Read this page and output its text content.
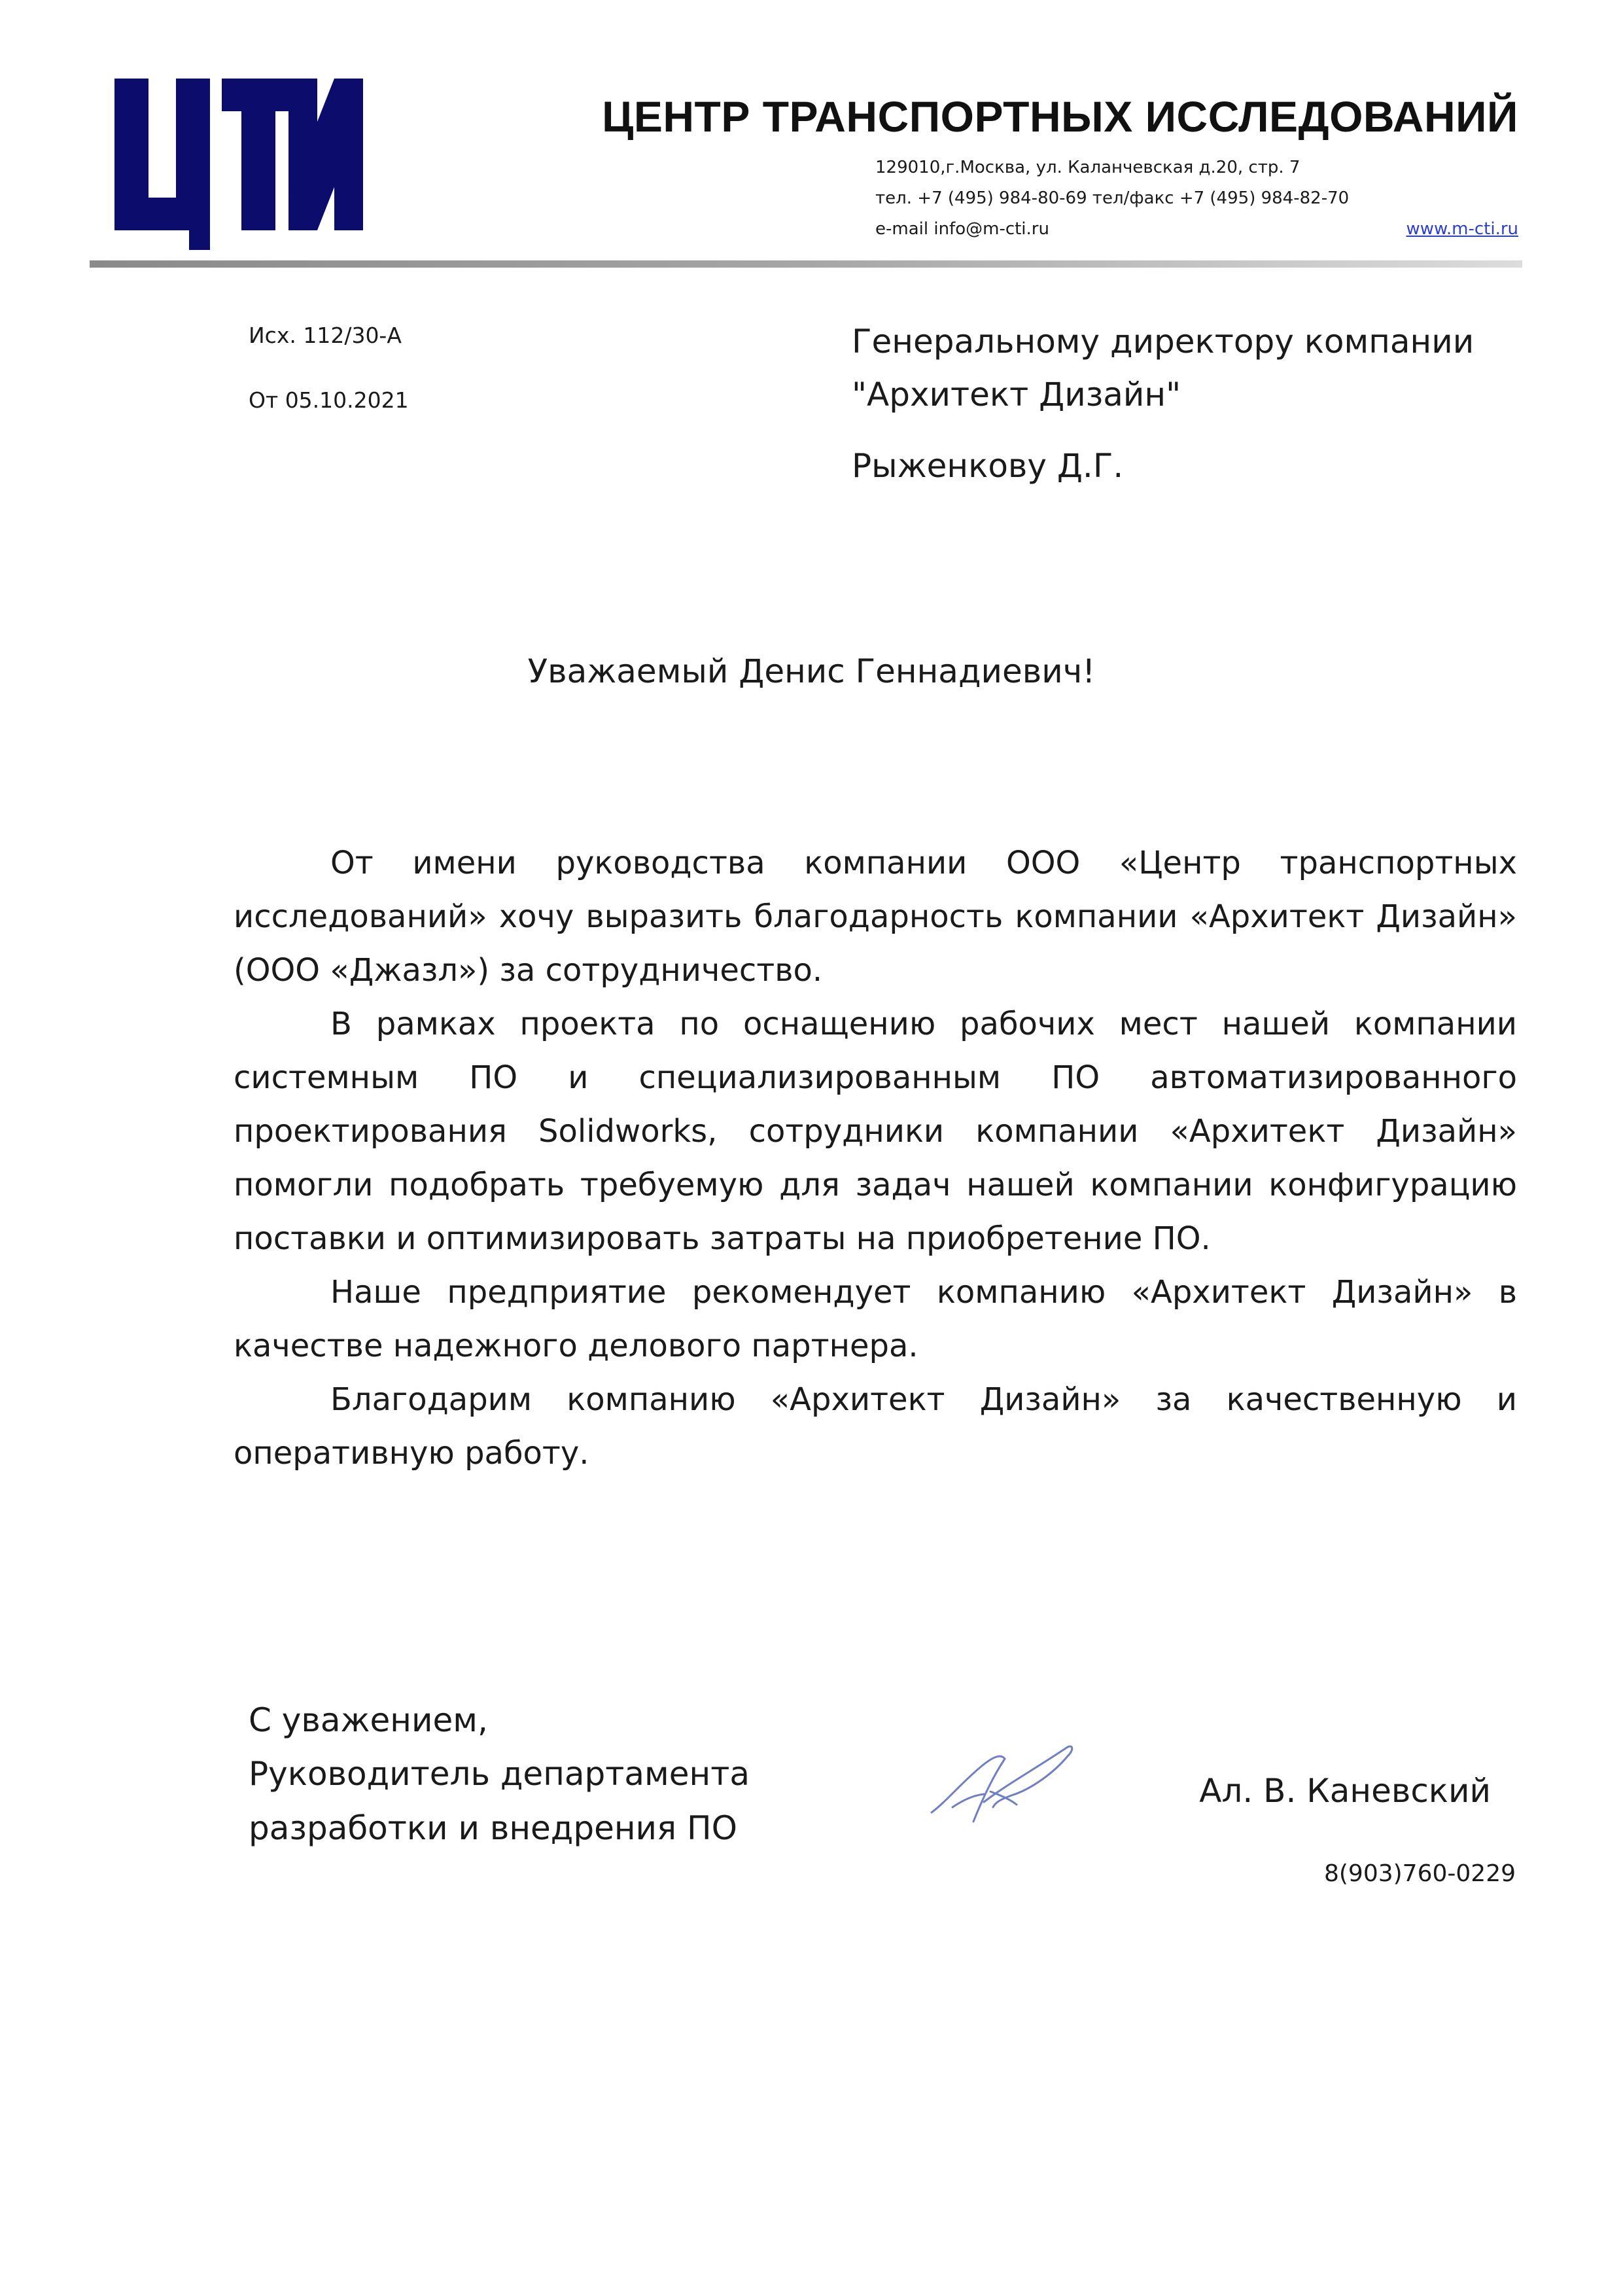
ЦЕНТР ТРАНСПОРТНЫХ ИССЛЕДОВАНИЙ
129010,г.Москва, ул. Каланчевская д.20, стр. 7
тел. +7 (495) 984-80-69 тел/факс +7 (495) 984-82-70
e-mail info@m-cti.ru	www.m-cti.ru
Исх. 112/30-А
От 05.10.2021
Генеральному директору компании
"Архитект Дизайн"
Рыженкову Д.Г.
Уважаемый Денис Геннадиевич!

От имени руководства компании ООО «Центр транспортных исследований» хочу выразить благодарность компании «Архитект Дизайн» (ООО «Джазл») за сотрудничество.

В рамках проекта по оснащению рабочих мест нашей компании системным ПО и специализированным ПО автоматизированного проектирования Solidworks, сотрудники компании «Архитект Дизайн» помогли подобрать требуемую для задач нашей компании конфигурацию поставки и оптимизировать затраты на приобретение ПО.

Наше предприятие рекомендует компанию «Архитект Дизайн» в качестве надежного делового партнера.

Благодарим компанию «Архитект Дизайн» за качественную и оперативную работу.

С уважением,
Руководитель департамента
разработки и внедрения ПО
Ал. В. Каневский
8(903)760-0229
